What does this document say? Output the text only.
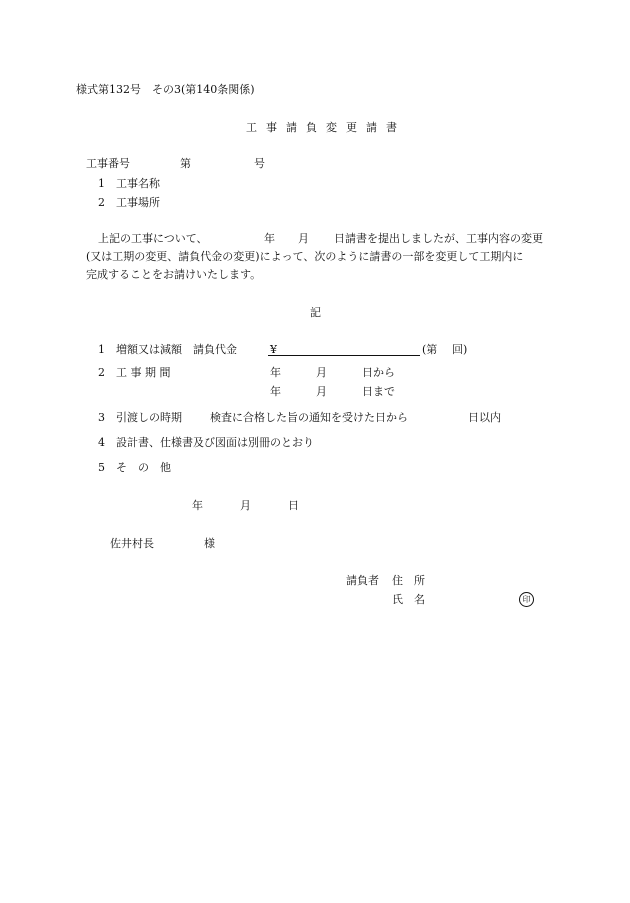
様式第132号　その3(第140条関係)
工 事 請 負 変 更 請 書
工事番号	第	号
1　工事名称
2　工事場所
上記の工事について、	年 月 日請書を提出しましたが、工事内容の変更
(又は工期の変更、請負代金の変更)によって、次のように請書の一部を変更して工期内に
完成することをお請けいたします。
記
1　増額又は減額　請負代金	¥	(第 回)
2　工 事 期 間	年	月	日から
年	月	日まで
3　引渡しの時期	検査に合格した旨の通知を受けた日から	日以内
4　設計書、仕様書及び図面は別冊のとおり
5　そ　の　他
年	月	日
佐井村長	様
請負者 住　所
氏　名	印
